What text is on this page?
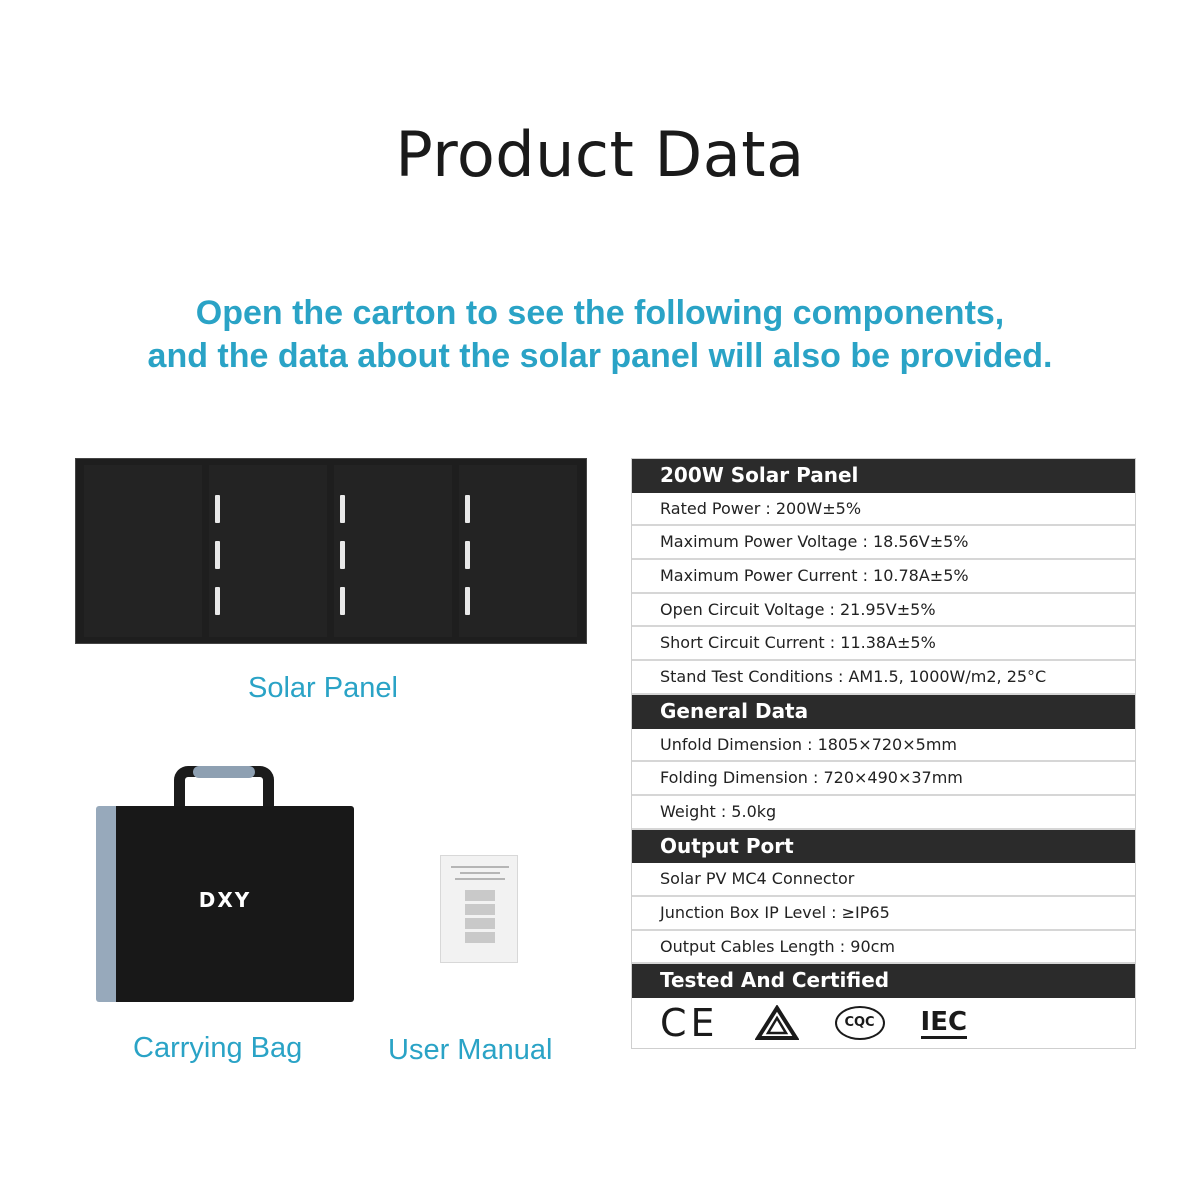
Product Data
Open the carton to see the following components,
and the data about the solar panel will also be provided.
Solar Panel
DXY
Carrying Bag	User Manual
200W Solar Panel
Rated Power : 200W±5%
Maximum Power Voltage : 18.56V±5%
Maximum Power Current : 10.78A±5%
Open Circuit Voltage : 21.95V±5%
Short Circuit Current : 11.38A±5%
Stand Test Conditions : AM1.5, 1000W/m2, 25°C
General Data
Unfold Dimension : 1805×720×5mm
Folding Dimension : 720×490×37mm
Weight : 5.0kg
Output Port
Solar PV MC4 Connector
Junction Box IP Level : ≥IP65
Output Cables Length : 90cm
Tested And Certified
CE	CQC	IEC
